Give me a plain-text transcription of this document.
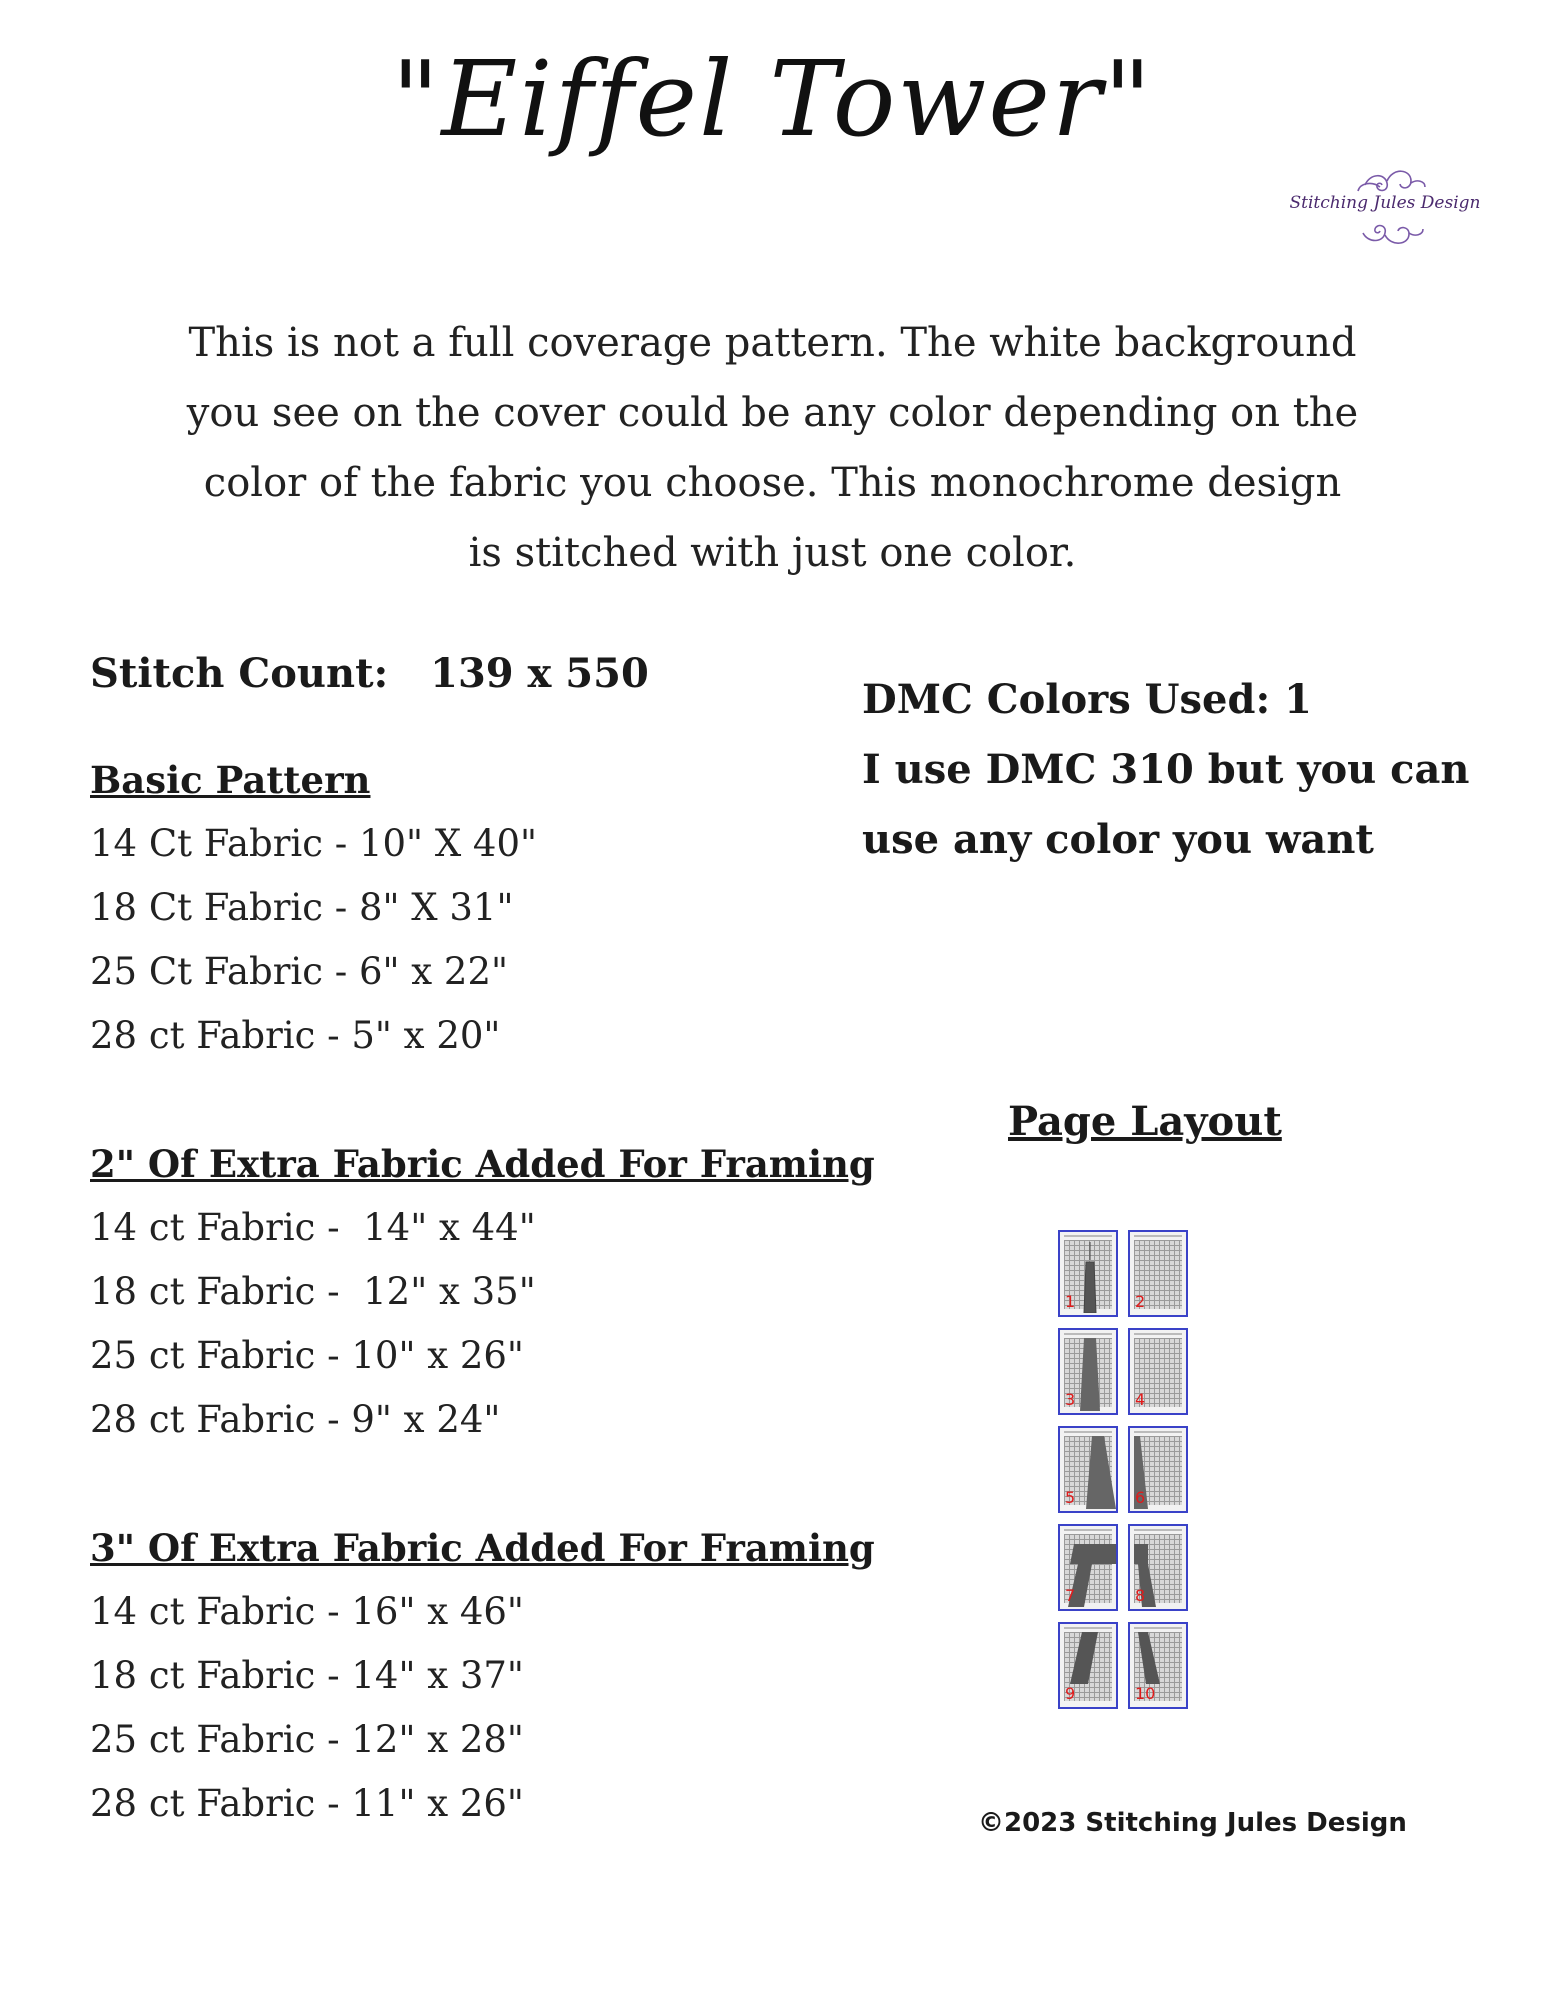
"Eiffel Tower"
Stitching Jules Design

This is not a full coverage pattern. The white background

you see on the cover could be any color depending on the

color of the fabric you choose. This monochrome design

is stitched with just one color.

Stitch Count: 139 x 550
Basic Pattern
14 Ct Fabric - 10" X 40"
18 Ct Fabric - 8" X 31"
25 Ct Fabric - 6" x 22"
28 ct Fabric - 5" x 20"
2" Of Extra Fabric Added For Framing
14 ct Fabric -  14" x 44"
18 ct Fabric -  12" x 35"
25 ct Fabric - 10" x 26"
28 ct Fabric - 9" x 24"
3" Of Extra Fabric Added For Framing
14 ct Fabric - 16" x 46"
18 ct Fabric - 14" x 37"
25 ct Fabric - 12" x 28"
28 ct Fabric - 11" x 26"
DMC Colors Used: 1
I use DMC 310 but you can
use any color you want
Page Layout
1	2
3	4
5	6
7	8
9	10
©2023 Stitching Jules Design
